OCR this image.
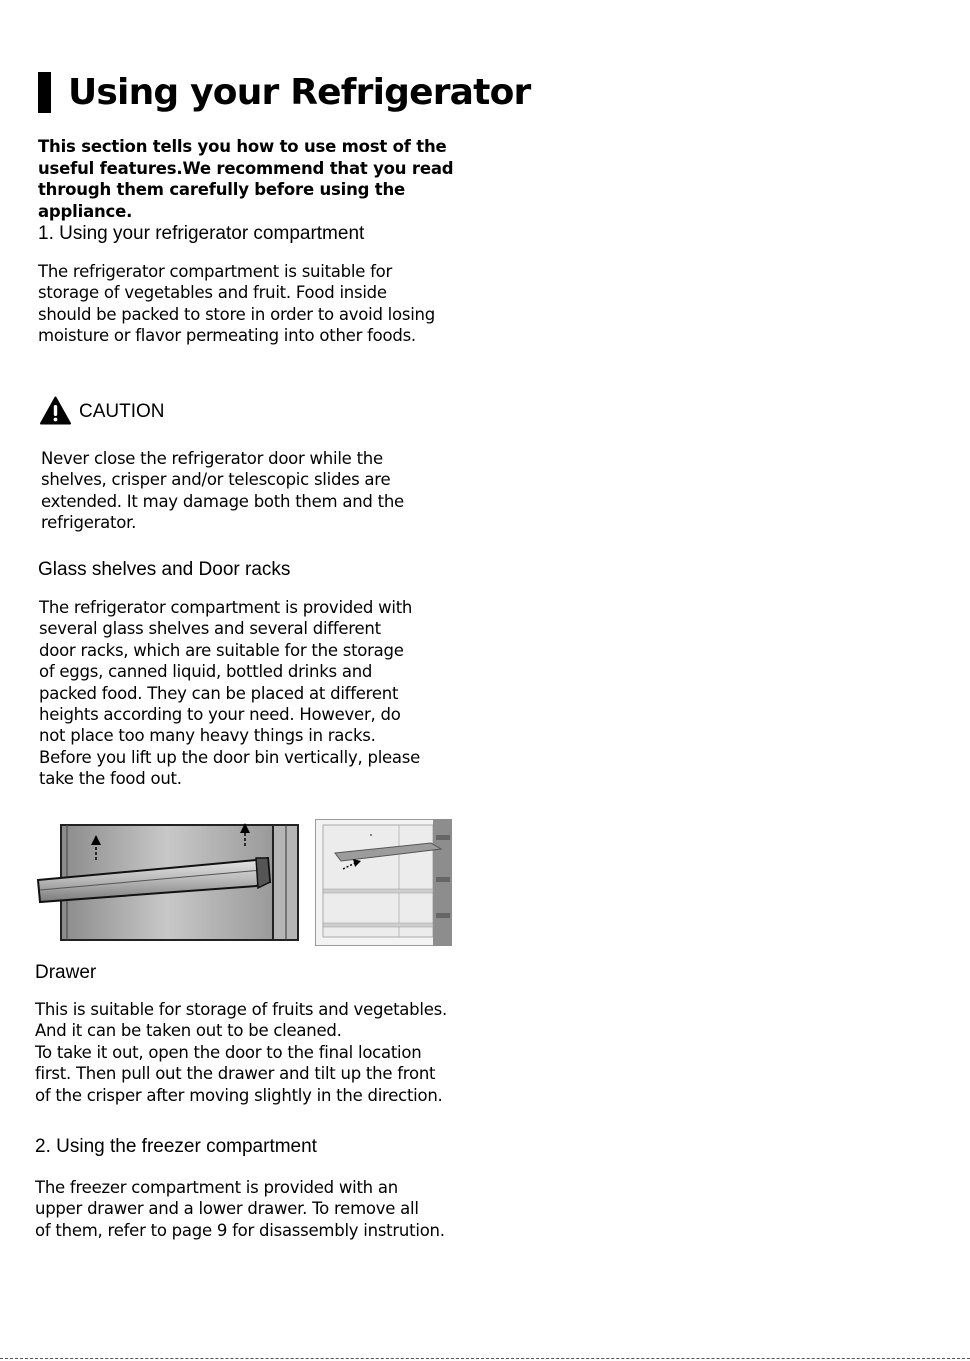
Using your Refrigerator

This section tells you how to use most of the useful features.We recommend that you read through them carefully before using the appliance.

1. Using your refrigerator compartment

The refrigerator compartment is suitable for
storage of vegetables and fruit. Food inside
should be packed to store in order to avoid losing
moisture or flavor permeating into other foods.

CAUTION

Never close the refrigerator door while the
shelves, crisper and/or telescopic slides are
extended. It may damage both them and the
refrigerator.

Glass shelves and Door racks

The refrigerator compartment is provided with
several glass shelves and several different
door racks, which are suitable for the storage
of eggs, canned liquid, bottled drinks and
packed food. They can be placed at different
heights according to your need. However, do
not place too many heavy things in racks.
Before you lift up the door bin vertically, please
take the food out.

Drawer

This is suitable for storage of fruits and vegetables.
And it can be taken out to be cleaned.
To take it out, open the door to the final location
first. Then pull out the drawer and tilt up the front
of the crisper after moving slightly in the direction.

2. Using the freezer compartment

The freezer compartment is provided with an
upper drawer and a lower drawer. To remove all
of them, refer to page 9 for disassembly instrution.
